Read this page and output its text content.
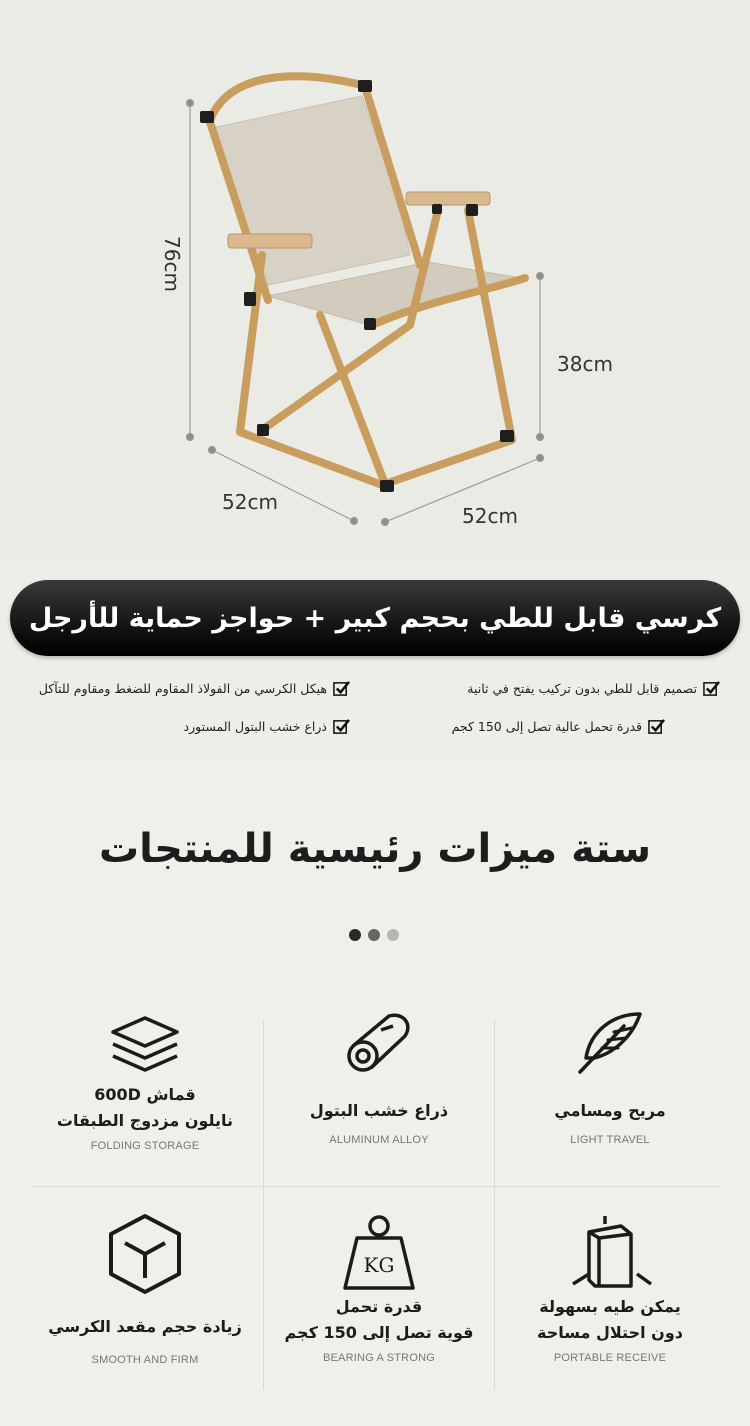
76cm
38cm
52cm
52cm
كرسي قابل للطي بحجم كبير + حواجز حماية للأرجل
تصميم قابل للطي بدون تركيب يفتح في ثانية
هيكل الكرسي من الفولاذ المقاوم للضغط ومقاوم للتآكل
قدرة تحمل عالية تصل إلى 150 كجم
ذراع خشب البتول المستورد
ستة ميزات رئيسية للمنتجات
مريح ومسامي
LIGHT TRAVEL
ذراع خشب البتول
ALUMINUM ALLOY
قماش 600D
نايلون مزدوج الطبقات
FOLDING STORAGE
يمكن طيه بسهولة
دون احتلال مساحة
PORTABLE RECEIVE
KG
قدرة تحمل
قوية تصل إلى 150 كجم
BEARING A STRONG
زيادة حجم مقعد الكرسي
SMOOTH AND FIRM
